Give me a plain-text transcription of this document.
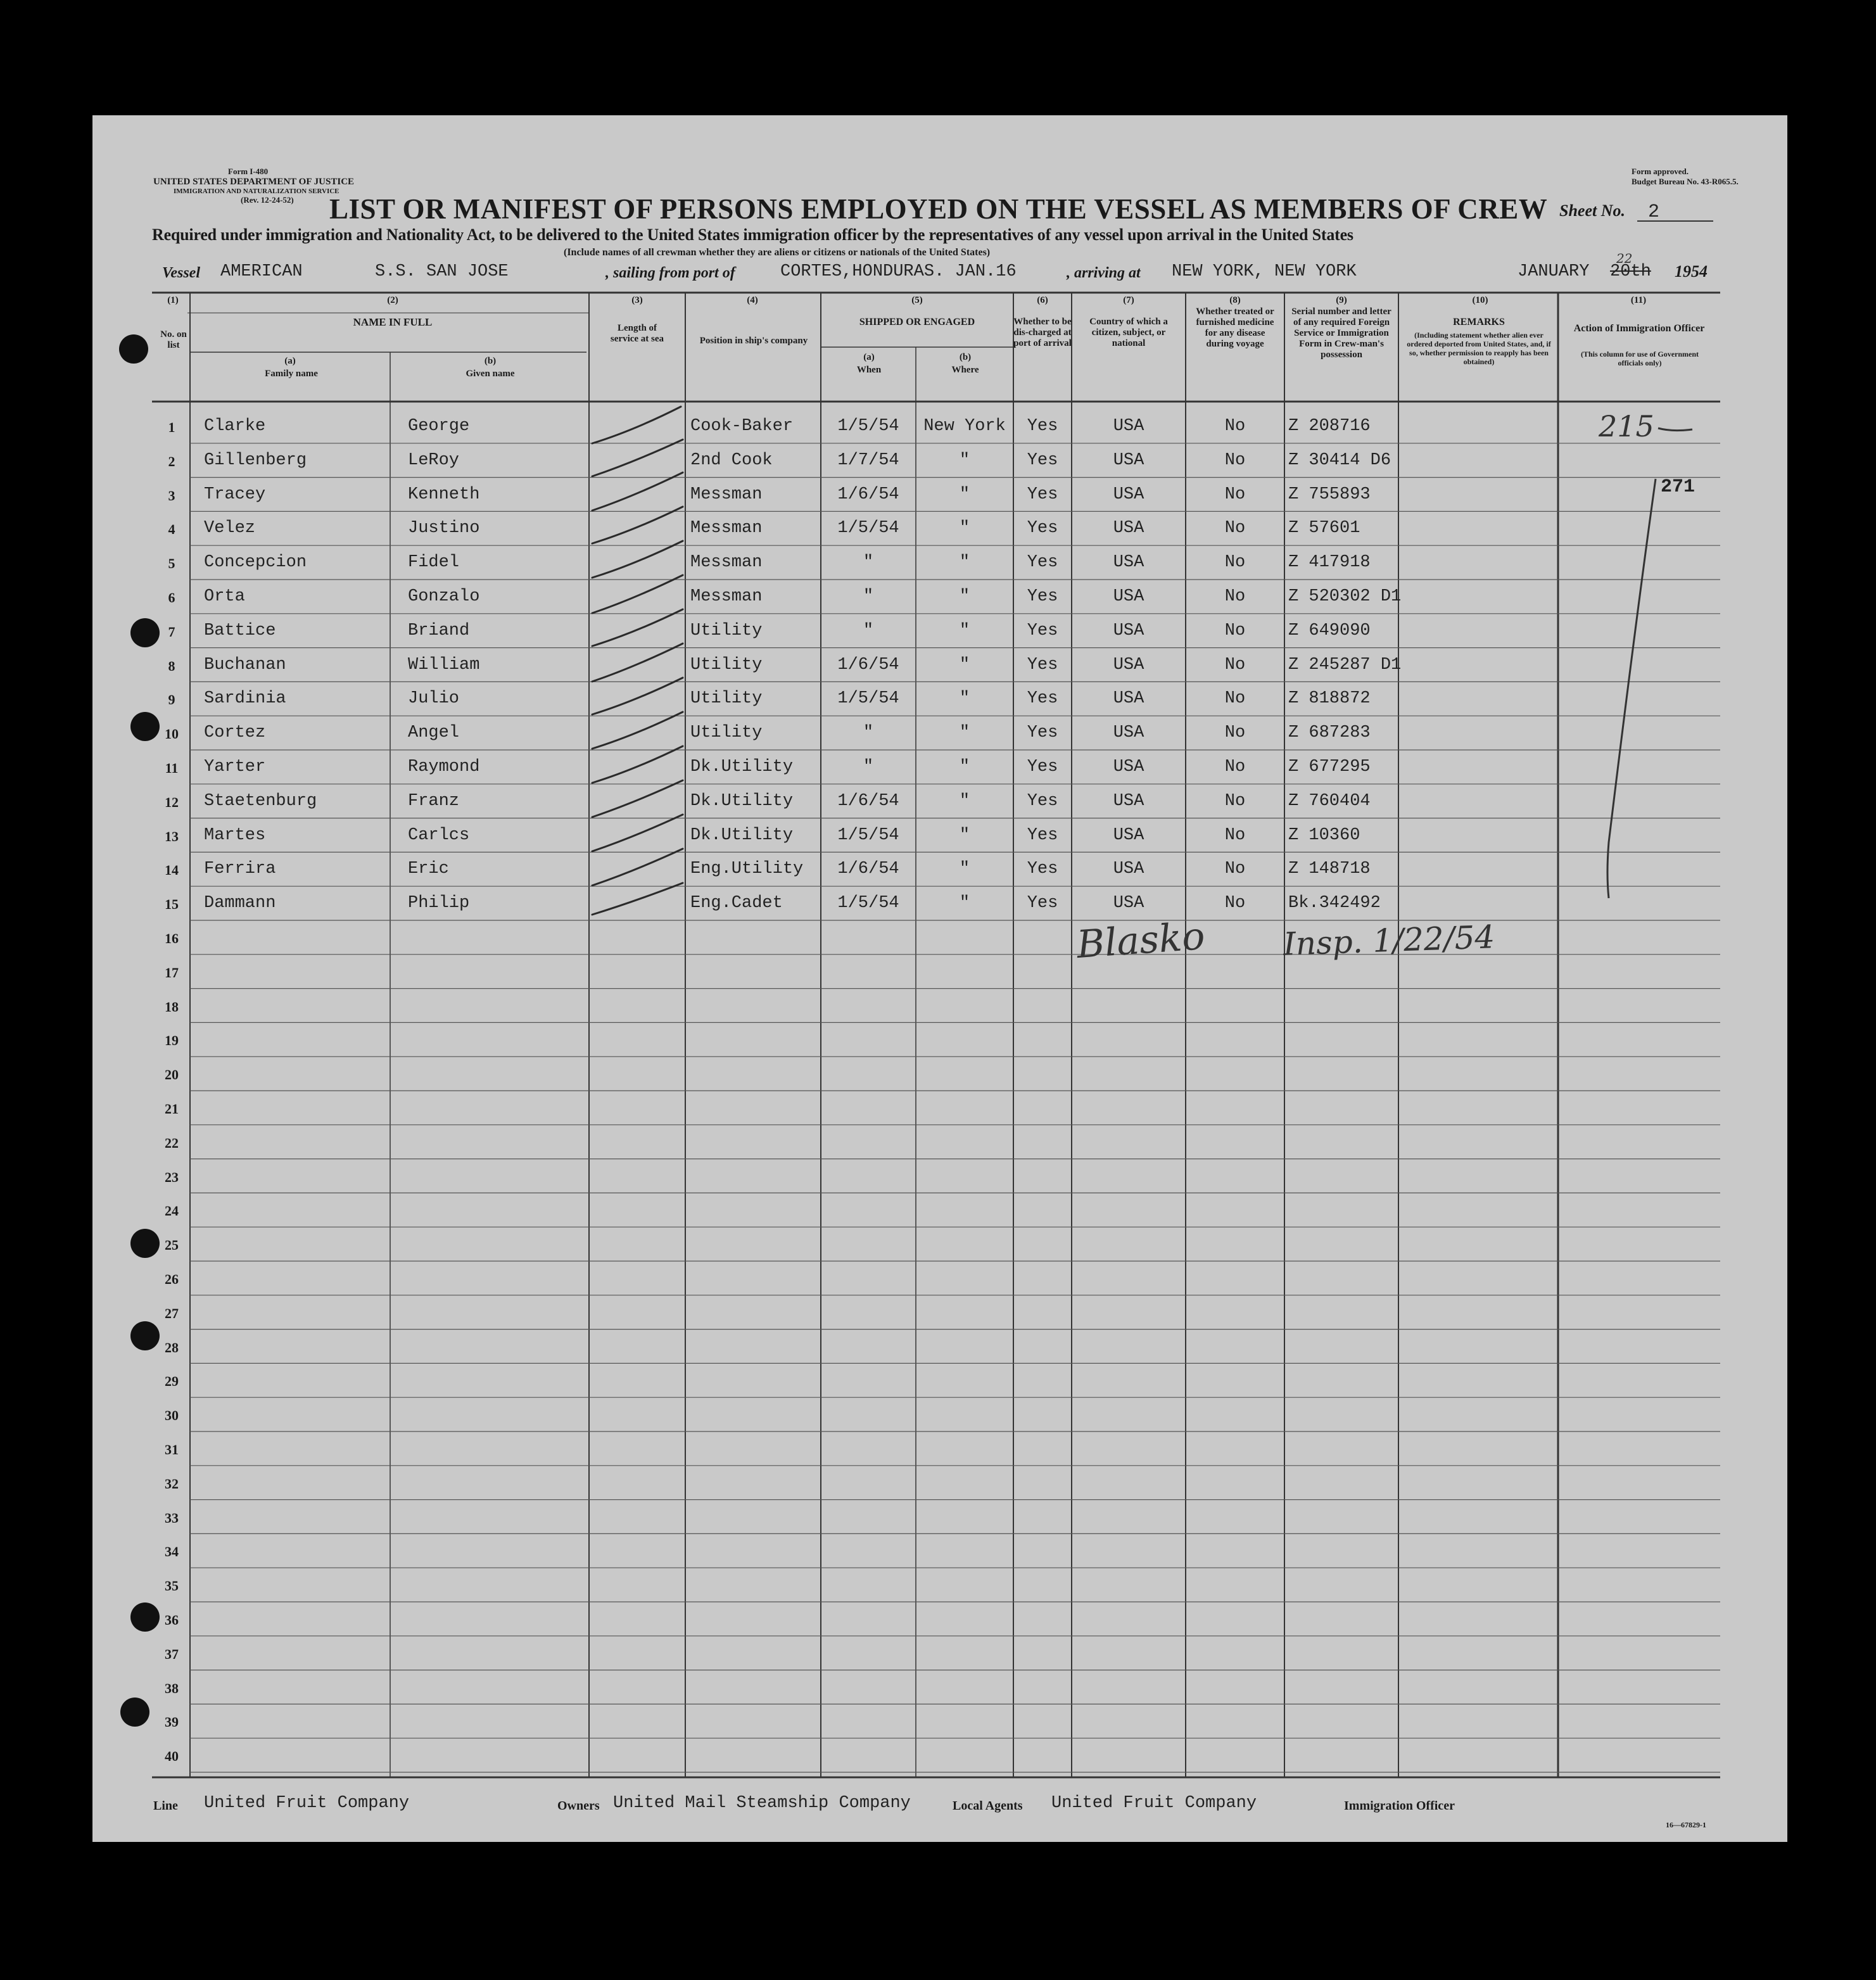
Form I-480
UNITED STATES DEPARTMENT OF JUSTICE
IMMIGRATION AND NATURALIZATION SERVICE
(Rev. 12-24-52)
Form approved.
Budget Bureau No. 43-R065.5.
LIST OR MANIFEST OF PERSONS EMPLOYED ON THE VESSEL AS MEMBERS OF CREW Sheet No. 2
Required under immigration and Nationality Act, to be delivered to the United States immigration officer by the representatives of any vessel upon arrival in the United States
(Include names of all crewman whether they are aliens or citizens or nationals of the United States)
Vessel AMERICAN	S.S. SAN JOSE	, sailing from port of	CORTES,HONDURAS. JAN.16	, arriving at NEW YORK, NEW YORK	JANUARY 20th
22
1954
(1)
No. on list
(2)
NAME IN FULL
(a)
Family name
(b)
Given name
(3)
Length of service at sea
(4)
Position in ship's company
(5)
SHIPPED OR ENGAGED
(a)
When
(b)
Where
(6)
Whether to be dis-charged at port of arrival
(7)
Country of which a citizen, subject, or national
(8)
Whether treated or furnished medicine for any disease during voyage
(9)
Serial number and letter of any required Foreign Service or Immigration Form in Crew-man's possession
(10)
REMARKS
(Including statement whether alien ever ordered deported from United States, and, if so, whether permission to reapply has been obtained)
(11)
Action of Immigration Officer
(This column for use of Government officials only)
1	Clarke	George	Cook-Baker	1/5/54	New York	Yes	USA	No	Z 208716
2	Gillenberg	LeRoy	2nd Cook	1/7/54	"	Yes	USA	No	Z 30414 D6
3	Tracey	Kenneth	Messman	1/6/54	"	Yes	USA	No	Z 755893
4	Velez	Justino	Messman	1/5/54	"	Yes	USA	No	Z 57601
5	Concepcion	Fidel	Messman	"	"	Yes	USA	No	Z 417918
6	Orta	Gonzalo	Messman	"	"	Yes	USA	No	Z 520302 D1
7	Battice	Briand	Utility	"	"	Yes	USA	No	Z 649090
8	Buchanan	William	Utility	1/6/54	"	Yes	USA	No	Z 245287 D1
9	Sardinia	Julio	Utility	1/5/54	"	Yes	USA	No	Z 818872
10	Cortez	Angel	Utility	"	"	Yes	USA	No	Z 687283
11	Yarter	Raymond	Dk.Utility	"	"	Yes	USA	No	Z 677295
12	Staetenburg	Franz	Dk.Utility	1/6/54	"	Yes	USA	No	Z 760404
13	Martes	Carlcs	Dk.Utility	1/5/54	"	Yes	USA	No	Z 10360
14	Ferrira	Eric	Eng.Utility	1/6/54	"	Yes	USA	No	Z 148718
15	Dammann	Philip	Eng.Cadet	1/5/54	"	Yes	USA	No	Bk.342492
16
17
18
19
20
21
22
23
24
25
26
27
28
29
30
31
32
33
34
35
36
37
38
39
40
215
271
Blasko Insp. 1/22/54
Line United Fruit Company	Owners United Mail Steamship Company	Local Agents United Fruit Company	Immigration Officer
16—67829-1
